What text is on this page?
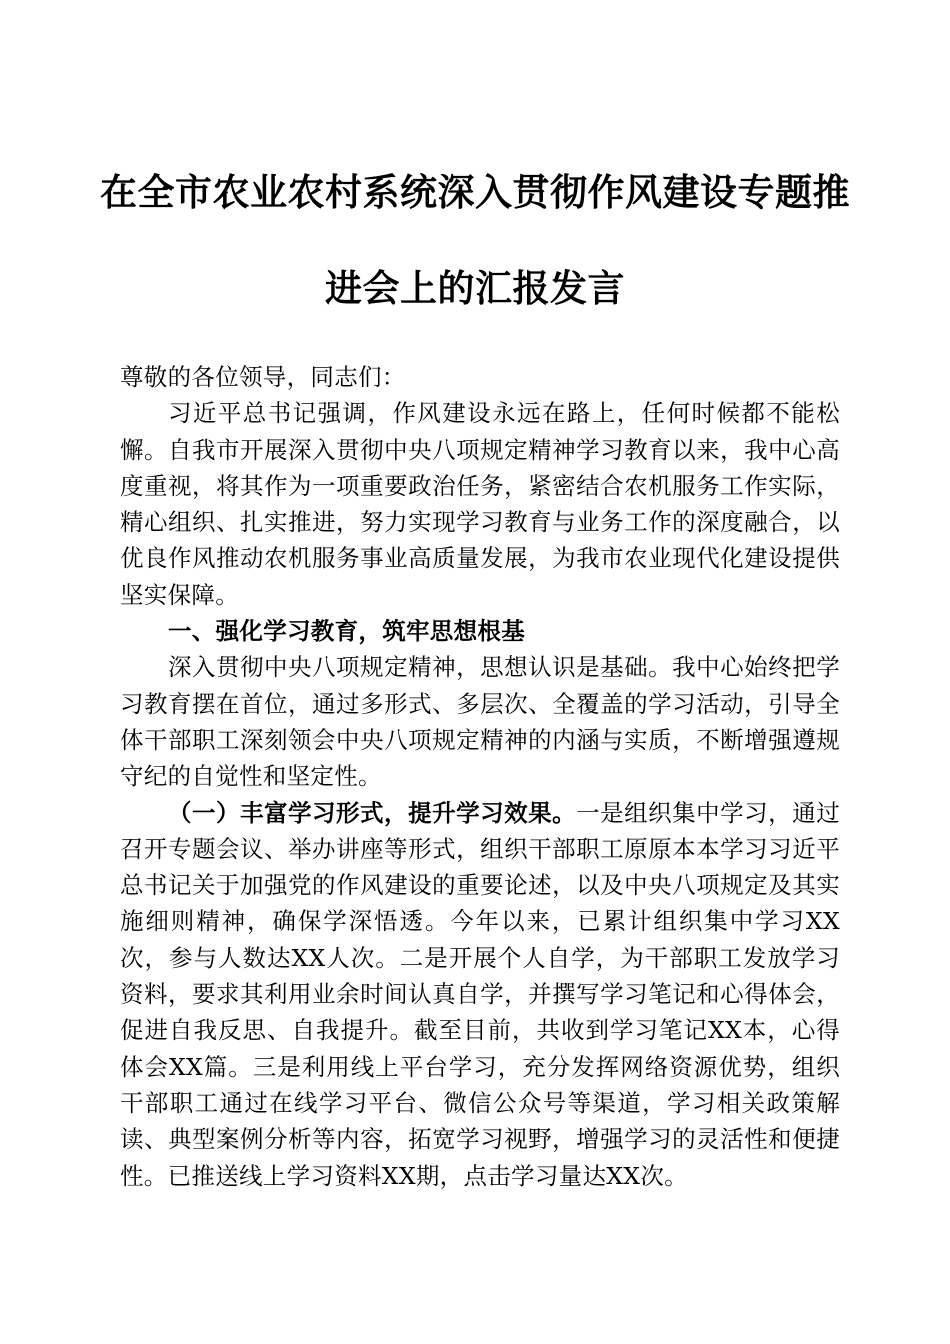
在全市农业农村系统深入贯彻作风建设专题推
进会上的汇报发言

尊敬的各位领导，同志们：

习近平总书记强调，作风建设永远在路上，任何时候都不能松懈。自我市开展深入贯彻中央八项规定精神学习教育以来，我中心高度重视，将其作为一项重要政治任务，紧密结合农机服务工作实际，精心组织、扎实推进，努力实现学习教育与业务工作的深度融合，以优良作风推动农机服务事业高质量发展，为我市农业现代化建设提供坚实保障。

一、强化学习教育，筑牢思想根基

深入贯彻中央八项规定精神，思想认识是基础。我中心始终把学习教育摆在首位，通过多形式、多层次、全覆盖的学习活动，引导全体干部职工深刻领会中央八项规定精神的内涵与实质，不断增强遵规守纪的自觉性和坚定性。

（一）丰富学习形式，提升学习效果。一是组织集中学习，通过召开专题会议、举办讲座等形式，组织干部职工原原本本学习习近平总书记关于加强党的作风建设的重要论述，以及中央八项规定及其实施细则精神，确保学深悟透。今年以来，已累计组织集中学习XX次，参与人数达XX人次。二是开展个人自学，为干部职工发放学习资料，要求其利用业余时间认真自学，并撰写学习笔记和心得体会，促进自我反思、自我提升。截至目前，共收到学习笔记XX本，心得体会XX篇。三是利用线上平台学习，充分发挥网络资源优势，组织干部职工通过在线学习平台、微信公众号等渠道，学习相关政策解读、典型案例分析等内容，拓宽学习视野，增强学习的灵活性和便捷性。已推送线上学习资料XX期，点击学习量达XX次。
